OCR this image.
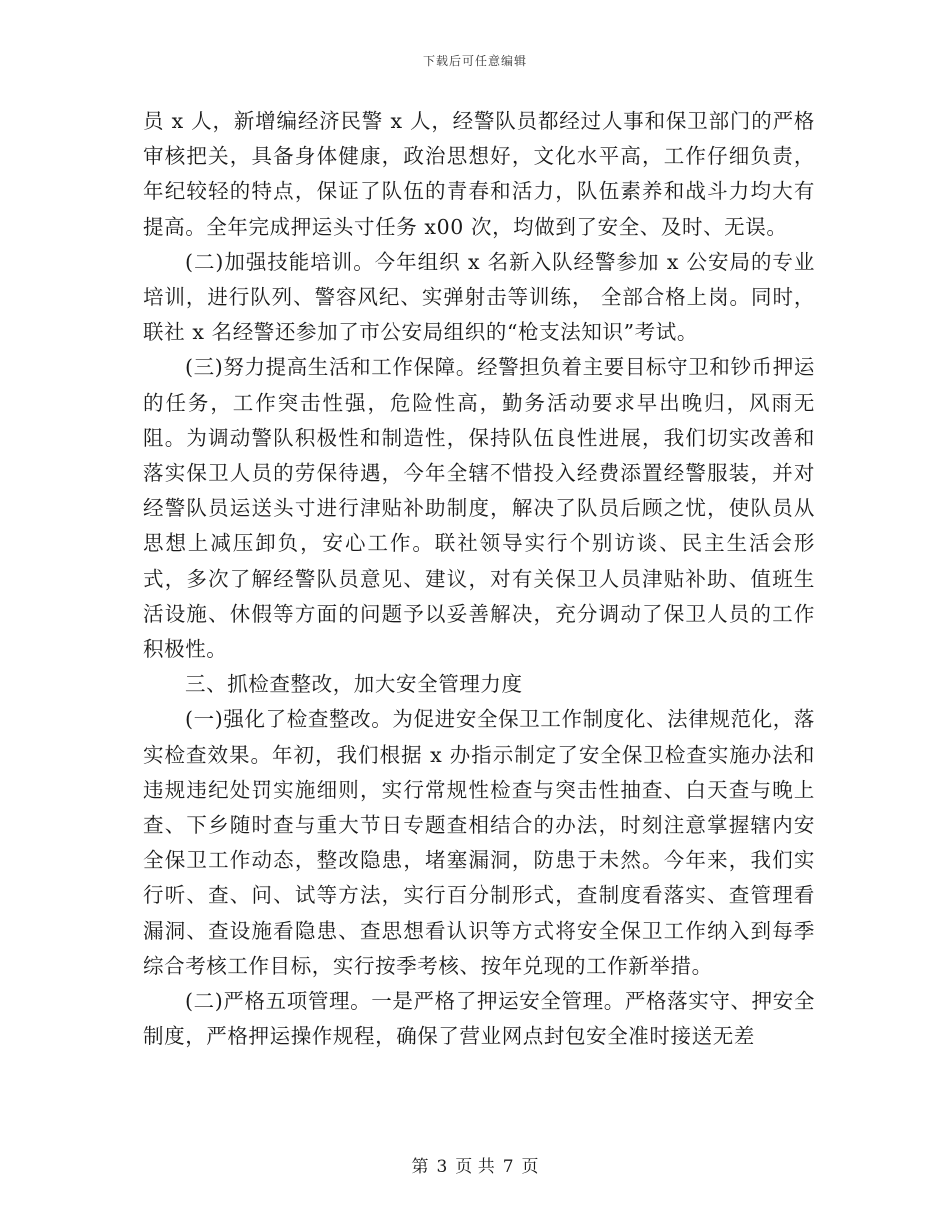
下载后可任意编辑

员 x 人，新增编经济民警 x 人，经警队员都经过人事和保卫部门的严格审核把关，具备身体健康，政治思想好，文化水平高，工作仔细负责， 年纪较轻的特点，保证了队伍的青春和活力，队伍素养和战斗力均大有提高。全年完成押运头寸任务 x00 次，均做到了安全、及时、无误。

(二)加强技能培训。今年组织 x 名新入队经警参加 x 公安局的专业培训，进行队列、警容风纪、实弹射击等训练， 全部合格上岗。同时，联社 x 名经警还参加了市公安局组织的“枪支法知识”考试。

(三)努力提高生活和工作保障。经警担负着主要目标守卫和钞币押运的任务，工作突击性强，危险性高，勤务活动要求早出晚归，风雨无阻。为调动警队积极性和制造性，保持队伍良性进展，我们切实改善和落实保卫人员的劳保待遇，今年全辖不惜投入经费添置经警服装，并对经警队员运送头寸进行津贴补助制度，解决了队员后顾之忧，使队员从思想上减压卸负，安心工作。联社领导实行个别访谈、民主生活会形式，多次了解经警队员意见、建议，对有关保卫人员津贴补助、值班生活设施、休假等方面的问题予以妥善解决，充分调动了保卫人员的工作积极性。

三、抓检查整改，加大安全管理力度

(一)强化了检查整改。为促进安全保卫工作制度化、法律规范化，落实检查效果。年初，我们根据 x 办指示制定了安全保卫检查实施办法和违规违纪处罚实施细则，实行常规性检查与突击性抽查、白天查与晚上查、下乡随时查与重大节日专题查相结合的办法，时刻注意掌握辖内安全保卫工作动态，整改隐患，堵塞漏洞，防患于未然。今年来，我们实行听、查、问、试等方法，实行百分制形式，查制度看落实、查管理看漏洞、查设施看隐患、查思想看认识等方式将安全保卫工作纳入到每季综合考核工作目标，实行按季考核、按年兑现的工作新举措。

(二)严格五项管理。一是严格了押运安全管理。严格落实守、押安全制度，严格押运操作规程，确保了营业网点封包安全准时接送无差

第 3 页 共 7 页
